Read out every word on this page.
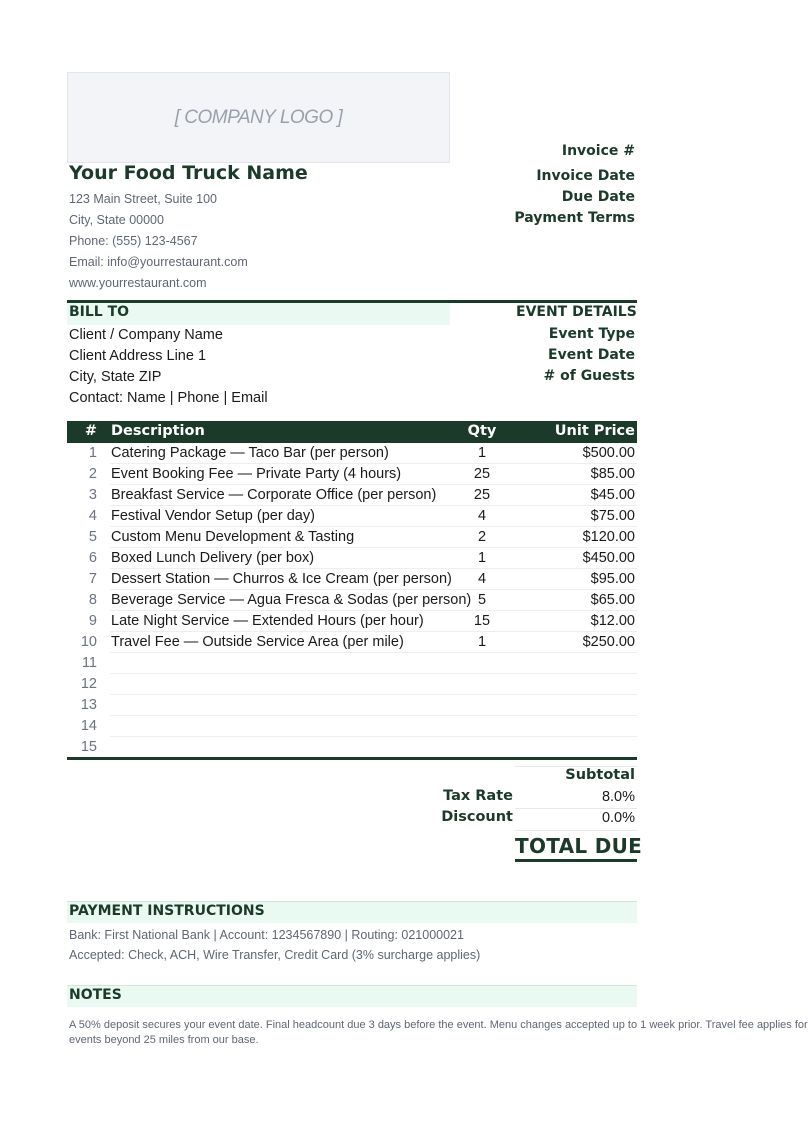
[ COMPANY LOGO ]
Your Food Truck Name
123 Main Street, Suite 100
City, State 00000
Phone: (555) 123-4567
Email: info@yourrestaurant.com
www.yourrestaurant.com
Invoice #
Invoice Date
Due Date
Payment Terms
BILL TO	EVENT DETAILS
Client / Company Name
Client Address Line 1
City, State ZIP
Contact: Name | Phone | Email
Event Type
Event Date
# of Guests
# Description	Qty	Unit Price
1 Catering Package — Taco Bar (per person)	1	$500.00
2 Event Booking Fee — Private Party (4 hours)	25	$85.00
3 Breakfast Service — Corporate Office (per person)	25	$45.00
4 Festival Vendor Setup (per day)	4	$75.00
5 Custom Menu Development & Tasting	2	$120.00
6 Boxed Lunch Delivery (per box)	1	$450.00
7 Dessert Station — Churros & Ice Cream (per person)	4	$95.00
8 Beverage Service — Agua Fresca & Sodas (per person) 5	$65.00
9 Late Night Service — Extended Hours (per hour)	15	$12.00
10 Travel Fee — Outside Service Area (per mile)	1	$250.00
11
12
13
14
15
Subtotal
Tax Rate	8.0%
Discount	0.0%
TOTAL DUE
PAYMENT INSTRUCTIONS
Bank: First National Bank | Account: 1234567890 | Routing: 021000021
Accepted: Check, ACH, Wire Transfer, Credit Card (3% surcharge applies)
NOTES
A 50% deposit secures your event date. Final headcount due 3 days before the event. Menu changes accepted up to 1 week prior. Travel fee applies for
events beyond 25 miles from our base.
